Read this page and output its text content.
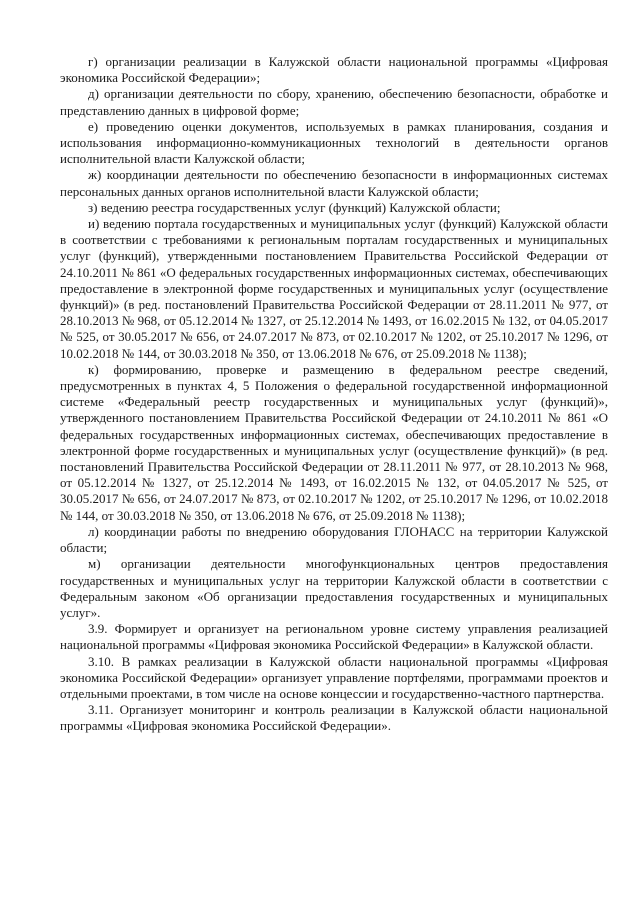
г) организации реализации в Калужской области национальной программы «Цифровая экономика Российской Федерации»;

д) организации деятельности по сбору, хранению, обеспечению безопасности, обработке и представлению данных в цифровой форме;

е) проведению оценки документов, используемых в рамках планирования, создания и использования информационно-коммуникационных технологий в деятельности органов исполнительной власти Калужской области;

ж) координации деятельности по обеспечению безопасности в информационных системах персональных данных органов исполнительной власти Калужской области;

з) ведению реестра государственных услуг (функций) Калужской области;

и) ведению портала государственных и муниципальных услуг (функций) Калужской области в соответствии с требованиями к региональным порталам государственных и муниципальных услуг (функций), утвержденными постановлением Правительства Российской Федерации от 24.10.2011 № 861 «О федеральных государственных информационных системах, обеспечивающих предоставление в электронной форме государственных и муниципальных услуг (осуществление функций)» (в ред. постановлений Правительства Российской Федерации от 28.11.2011 № 977, от 28.10.2013 № 968, от 05.12.2014 № 1327, от 25.12.2014 № 1493, от 16.02.2015 № 132, от 04.05.2017 № 525, от 30.05.2017 № 656, от 24.07.2017 № 873, от 02.10.2017 № 1202, от 25.10.2017 № 1296, от 10.02.2018 № 144, от 30.03.2018 № 350, от 13.06.2018 № 676, от 25.09.2018 № 1138);

к) формированию, проверке и размещению в федеральном реестре сведений, предусмотренных в пунктах 4, 5 Положения о федеральной государственной информационной системе «Федеральный реестр государственных и муниципальных услуг (функций)», утвержденного постановлением Правительства Российской Федерации от 24.10.2011 № 861 «О федеральных государственных информационных системах, обеспечивающих предоставление в электронной форме государственных и муниципальных услуг (осуществление функций)» (в ред. постановлений Правительства Российской Федерации от 28.11.2011 № 977, от 28.10.2013 № 968, от 05.12.2014 № 1327, от 25.12.2014 № 1493, от 16.02.2015 № 132, от 04.05.2017 № 525, от 30.05.2017 № 656, от 24.07.2017 № 873, от 02.10.2017 № 1202, от 25.10.2017 № 1296, от 10.02.2018 № 144, от 30.03.2018 № 350, от 13.06.2018 № 676, от 25.09.2018 № 1138);

л) координации работы по внедрению оборудования ГЛОНАСС на территории Калужской области;

м) организации деятельности многофункциональных центров предоставления государственных и муниципальных услуг на территории Калужской области в соответствии с Федеральным законом «Об организации предоставления государственных и муниципальных услуг».

3.9. Формирует и организует на региональном уровне систему управления реализацией национальной программы «Цифровая экономика Российской Федерации» в Калужской области.

3.10. В рамках реализации в Калужской области национальной программы «Цифровая экономика Российской Федерации» организует управление портфелями, программами проектов и отдельными проектами, в том числе на основе концессии и государственно-частного партнерства.

3.11. Организует мониторинг и контроль реализации в Калужской области национальной программы «Цифровая экономика Российской Федерации».
